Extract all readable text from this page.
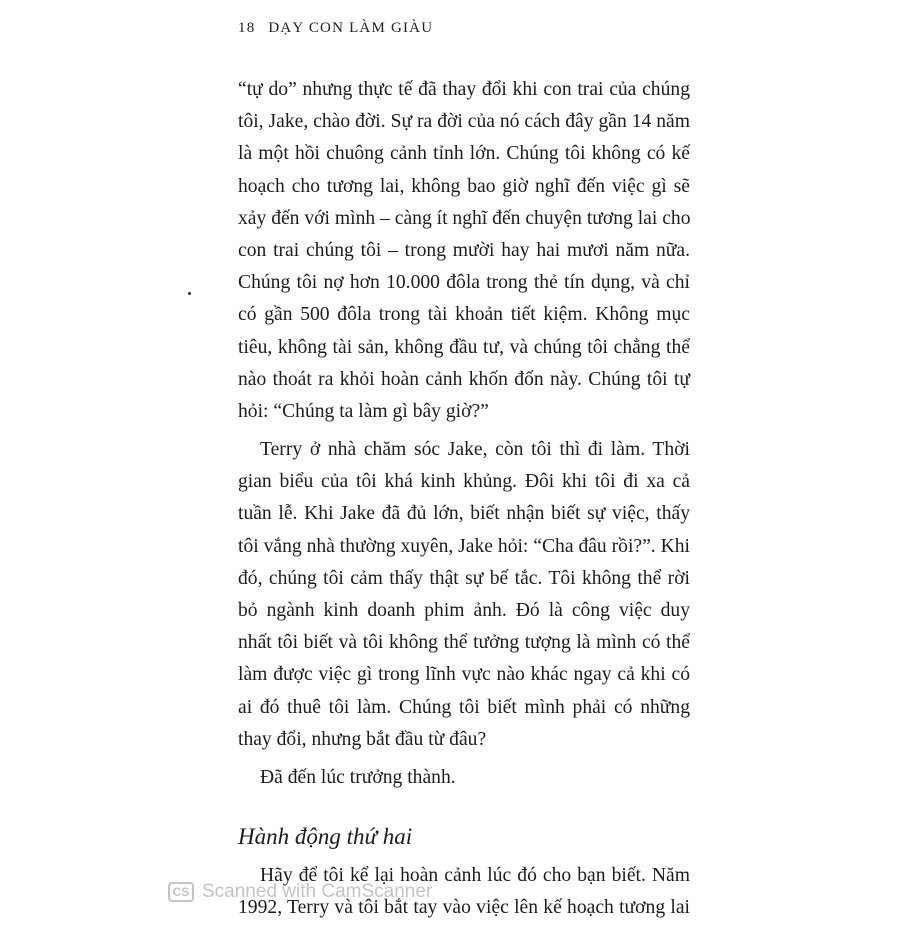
18 DẠY CON LÀM GIÀU
“tự do” nhưng thực tế đã thay đổi khi con trai của chúng
tôi, Jake, chào đời. Sự ra đời của nó cách đây gần 14 năm
là một hồi chuông cảnh tỉnh lớn. Chúng tôi không có kế
hoạch cho tương lai, không bao giờ nghĩ đến việc gì sẽ
xảy đến với mình – càng ít nghĩ đến chuyện tương lai cho
con trai chúng tôi – trong mười hay hai mươi năm nữa.
Chúng tôi nợ hơn 10.000 đôla trong thẻ tín dụng, và chỉ
có gần 500 đôla trong tài khoản tiết kiệm. Không mục
tiêu, không tài sản, không đầu tư, và chúng tôi chẳng thể
nào thoát ra khỏi hoàn cảnh khốn đốn này. Chúng tôi tự
hỏi: “Chúng ta làm gì bây giờ?”
Terry ở nhà chăm sóc Jake, còn tôi thì đi làm. Thời
gian biểu của tôi khá kinh khủng. Đôi khi tôi đi xa cả
tuần lễ. Khi Jake đã đủ lớn, biết nhận biết sự việc, thấy
tôi vắng nhà thường xuyên, Jake hỏi: “Cha đâu rồi?”. Khi
đó, chúng tôi cảm thấy thật sự bế tắc. Tôi không thể rời
bỏ ngành kinh doanh phim ảnh. Đó là công việc duy
nhất tôi biết và tôi không thể tưởng tượng là mình có thể
làm được việc gì trong lĩnh vực nào khác ngay cả khi có
ai đó thuê tôi làm. Chúng tôi biết mình phải có những
thay đổi, nhưng bắt đầu từ đâu?
Đã đến lúc trưởng thành.
Hành động thứ hai
Hãy để tôi kể lại hoàn cảnh lúc đó cho bạn biết. Năm
1992, Terry và tôi bắt tay vào việc lên kế hoạch tương lai
CS Scanned with CamScanner
